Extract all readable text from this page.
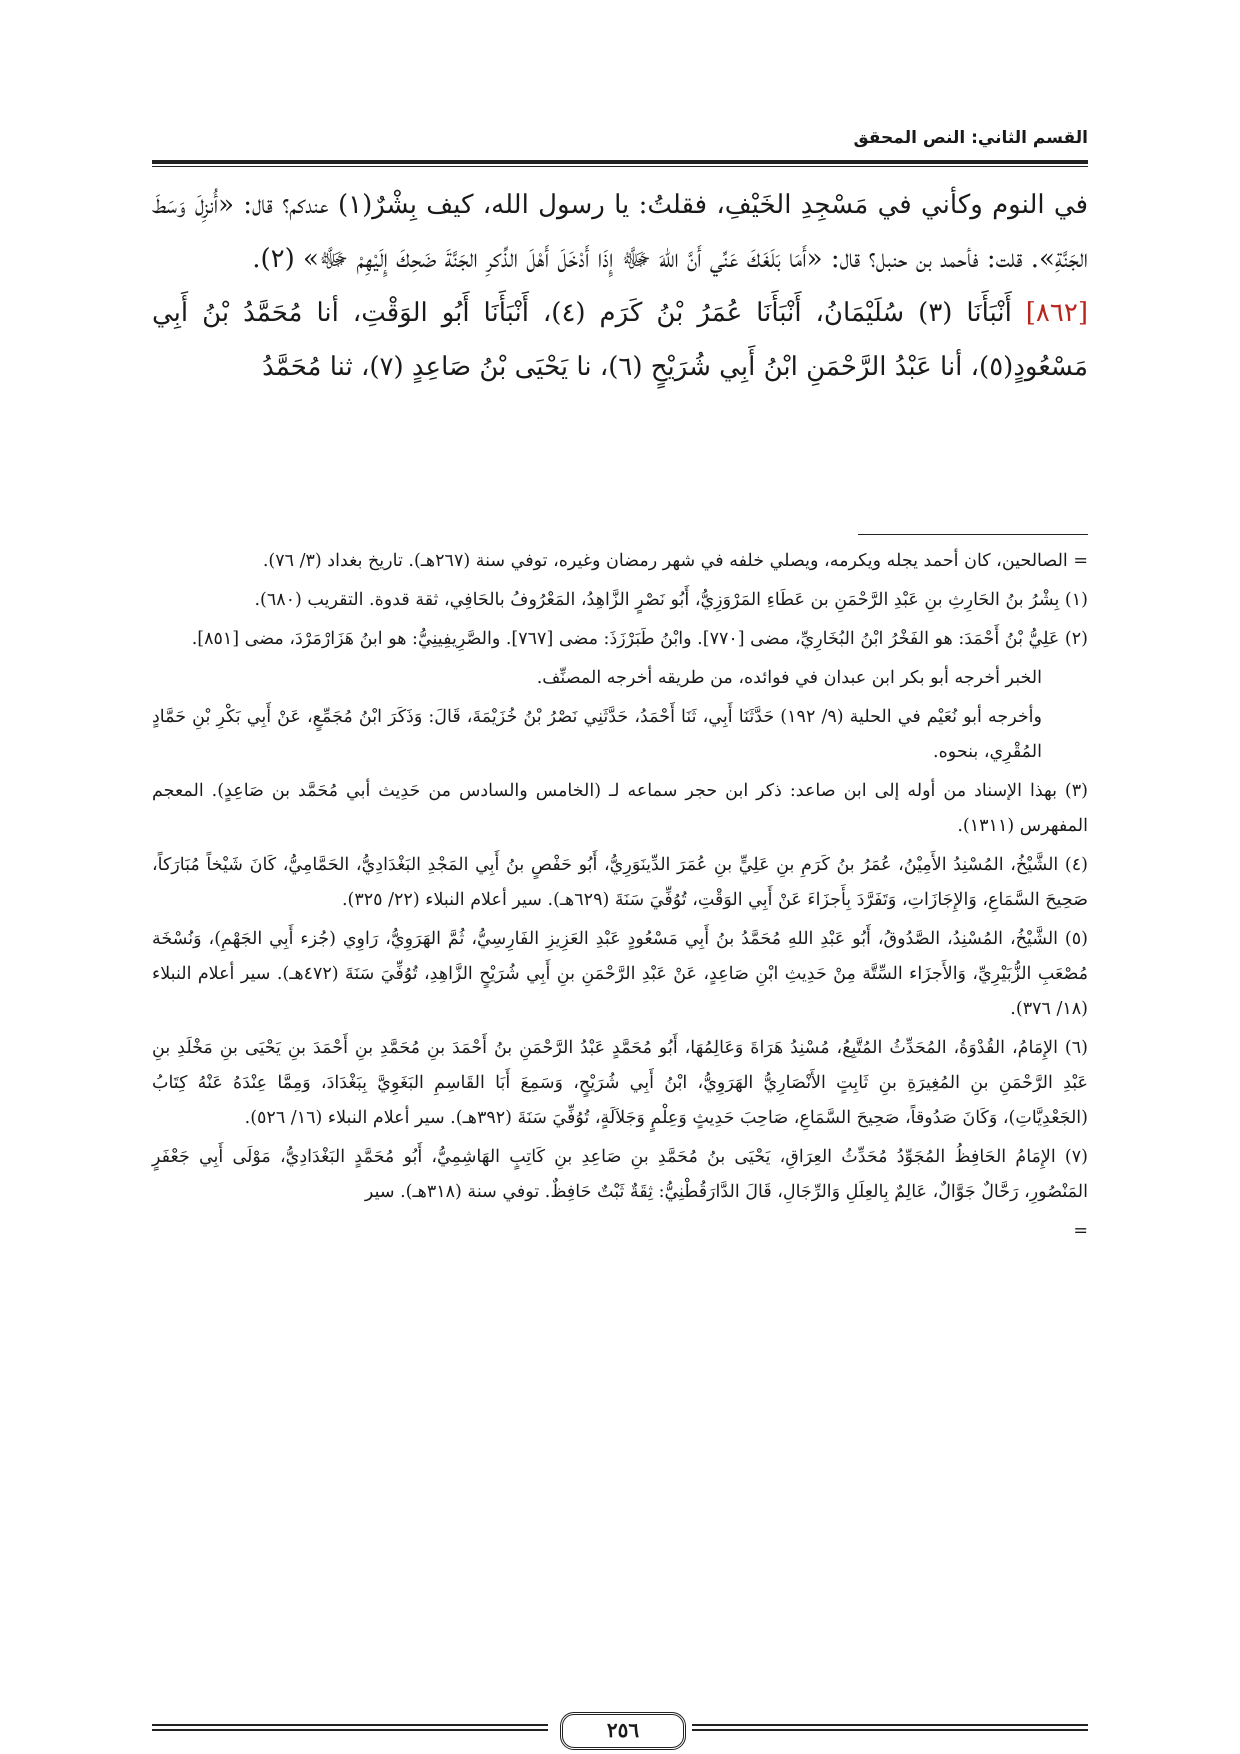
القسم الثاني: النص المحقق

في النوم وكأني في مَسْجِدِ الخَيْفِ، فقلتُ: يا رسول الله، كيف بِشْرٌ(١) عندكم؟ قال: «أُنزِلَ وَسَطَ الجَنَّةِ». قلت: فأحمد بن حنبل؟ قال: «أَمَا بَلَغَكَ عَنِّي أَنَّ اللهَ ﷻ إِذَا أَدْخَلَ أَهْلَ الذِّكرِ الجَنَّةَ ضَحِكَ إِلَيْهِمْ ﷻ» (٢).

[٨٦٢] أَنْبَأَنَا (٣) سُلَيْمَانُ، أَنْبَأَنَا عُمَرُ بْنُ كَرَم (٤)، أَنْبَأَنَا أَبُو الوَقْتِ، أنا مُحَمَّدُ بْنُ أَبِي مَسْعُودٍ(٥)، أنا عَبْدُ الرَّحْمَنِ ابْنُ أَبِي شُرَيْحٍ (٦)، نا يَحْيَى بْنُ صَاعِدٍ (٧)، ثنا مُحَمَّدُ

= الصالحين، كان أحمد يجله ويكرمه، ويصلي خلفه في شهر رمضان وغيره، توفي سنة (٢٦٧هـ). تاريخ بغداد (٣/ ٧٦).

(١) بِشْرُ بنُ الحَارِثِ بنِ عَبْدِ الرَّحْمَنِ بن عَطَاءِ المَرْوَزِيُّ، أَبُو نَصْرٍ الزَّاهِدُ، المَعْرُوفُ بالحَافِي، ثقة قدوة. التقريب (٦٨٠).

(٢) عَلِيُّ بْنُ أَحْمَدَ: هو الفَخْرُ ابْنُ البُخَارِيِّ، مضى [٧٧٠]. وابْنُ طَبَرْزَذَ: مضى [٧٦٧]. والصَّرِيفِينِيُّ: هو ابنُ هَزَارْمَرْدَ، مضى [٨٥١].

الخبر أخرجه أبو بكر ابن عبدان في فوائده، من طريقه أخرجه المصنِّف.

وأخرجه أبو نُعَيْم في الحلية (٩/ ١٩٢) حَدَّثَنَا أَبِي، ثَنَا أَحْمَدُ، حَدَّثَنِي نَصْرُ بْنُ خُزَيْمَةَ، قَالَ: وَذَكَرَ ابْنُ مُجَمِّعٍ، عَنْ أَبِي بَكْرِ بْنِ حَمَّادٍ المُقْرِي، بنحوه.

(٣) بهذا الإسناد من أوله إلى ابن صاعد: ذكر ابن حجر سماعه لـ (الخامس والسادس من حَدِيث أبي مُحَمَّد بن صَاعِدٍ). المعجم المفهرس (١٣١١).

(٤) الشَّيْخُ، المُسْنِدُ الأَمِيْنُ، عُمَرُ بنُ كَرَمِ بنِ عَلِيٍّ بنِ عُمَرَ الدِّينَوَرِيُّ، أَبُو حَفْصٍ بنُ أَبِي المَجْدِ البَغْدَادِيُّ، الحَمَّامِيُّ، كَانَ شَيْخاً مُبَارَكاً، صَحِيحَ السَّمَاعِ، وَالإِجَازَاتِ، وَتَفَرَّدَ بِأَجزَاءَ عَنْ أَبِي الوَقْتِ، تُوُفِّيَ سَنَةَ (٦٢٩هـ). سير أعلام النبلاء (٢٢/ ٣٢٥).

(٥) الشَّيْخُ، المُسْنِدُ، الصَّدُوقُ، أَبُو عَبْدِ اللهِ مُحَمَّدُ بنُ أَبِي مَسْعُودٍ عَبْدِ العَزِيزِ الفَارِسِيُّ، ثُمَّ الهَرَوِيُّ، رَاوِي (جُزء أَبِي الجَهْمِ)، وَنُسْخَة مُصْعَبِ الزُّبَيْرِيِّ، وَالأَجزَاء السِّتَّة مِنْ حَدِيثِ ابْنِ صَاعِدٍ، عَنْ عَبْدِ الرَّحْمَنِ بنِ أَبِي شُرَيْحٍ الزَّاهِدِ، تُوُفِّيَ سَنَةَ (٤٧٢هـ). سير أعلام النبلاء (١٨/ ٣٧٦).

(٦) الإِمَامُ، القُدْوَةُ، المُحَدِّثُ المُتَّبِعُ، مُسْنِدُ هَرَاةَ وَعَالِمُهَا، أَبُو مُحَمَّدٍ عَبْدُ الرَّحْمَنِ بنُ أَحْمَدَ بنِ مُحَمَّدِ بنِ أَحْمَدَ بنِ يَحْيَى بنِ مَخْلَدِ بنِ عَبْدِ الرَّحْمَنِ بنِ المُغِيرَةِ بنِ ثَابِتٍ الأَنْصَارِيُّ الهَرَوِيُّ، ابْنُ أَبِي شُرَيْحٍ، وَسَمِعَ أَبَا القَاسِمِ البَغَوِيَّ بِبَغْدَادَ، وَمِمَّا عِنْدَهُ عَنْهُ كِتَابُ (الجَعْدِيَّاتِ)، وَكَانَ صَدُوقاً، صَحِيحَ السَّمَاعِ، صَاحِبَ حَدِيثٍ وَعِلْمٍ وَجَلاَلَةٍ، تُوُفِّيَ سَنَةَ (٣٩٢هـ). سير أعلام النبلاء (١٦/ ٥٢٦).

(٧) الإِمَامُ الحَافِظُ المُجَوِّدُ مُحَدِّثُ العِرَاقِ، يَحْيَى بنُ مُحَمَّدِ بنِ صَاعِدِ بنِ كَاتِبٍ الهَاشِمِيُّ، أَبُو مُحَمَّدٍ البَغْدَادِيُّ، مَوْلَى أَبِي جَعْفَرٍ المَنْصُورِ، رَحَّالٌ جَوَّالٌ، عَالِمٌ بِالعِلَلِ وَالرِّجَالِ، قَالَ الدَّارَقُطْنِيُّ: ثِقَةٌ ثَبْتٌ حَافِظٌ. توفي سنة (٣١٨هـ). سير

=

٢٥٦
